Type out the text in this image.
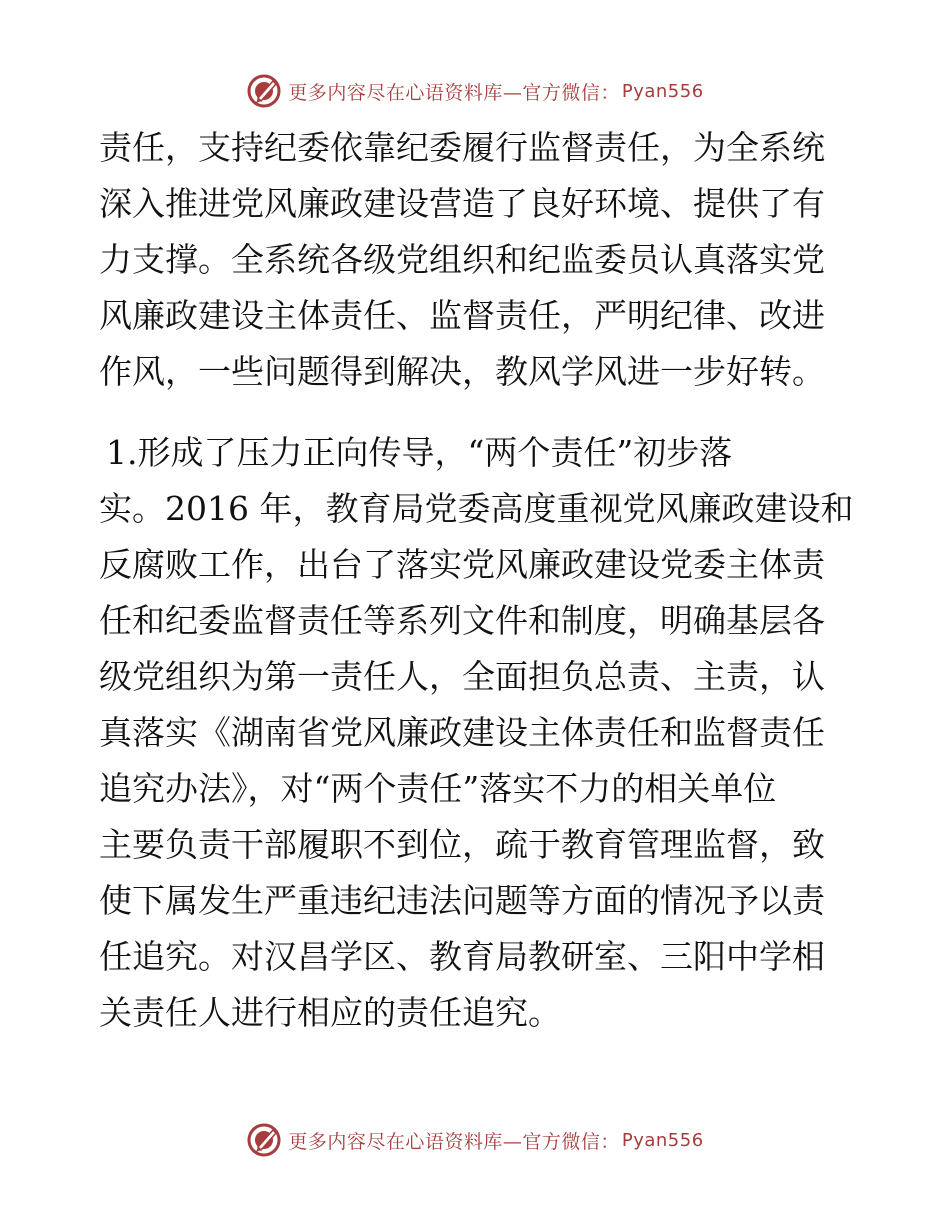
更多内容尽在心语资料库—官方微信： Pyan556
责任，支持纪委依靠纪委履行监督责任，为全系统
深入推进党风廉政建设营造了良好环境、提供了有
力支撑。全系统各级党组织和纪监委员认真落实党
风廉政建设主体责任、监督责任，严明纪律、改进
作风，一些问题得到解决，教风学风进一步好转。
1.形成了压力正向传导，“两个责任”初步落
实。2016 年，教育局党委高度重视党风廉政建设和
反腐败工作，出台了落实党风廉政建设党委主体责
任和纪委监督责任等系列文件和制度，明确基层各
级党组织为第一责任人，全面担负总责、主责，认
真落实《湖南省党风廉政建设主体责任和监督责任
追究办法》，对“两个责任”落实不力的相关单位
主要负责干部履职不到位，疏于教育管理监督，致
使下属发生严重违纪违法问题等方面的情况予以责
任追究。对汉昌学区、教育局教研室、三阳中学相
关责任人进行相应的责任追究。
更多内容尽在心语资料库—官方微信： Pyan556
